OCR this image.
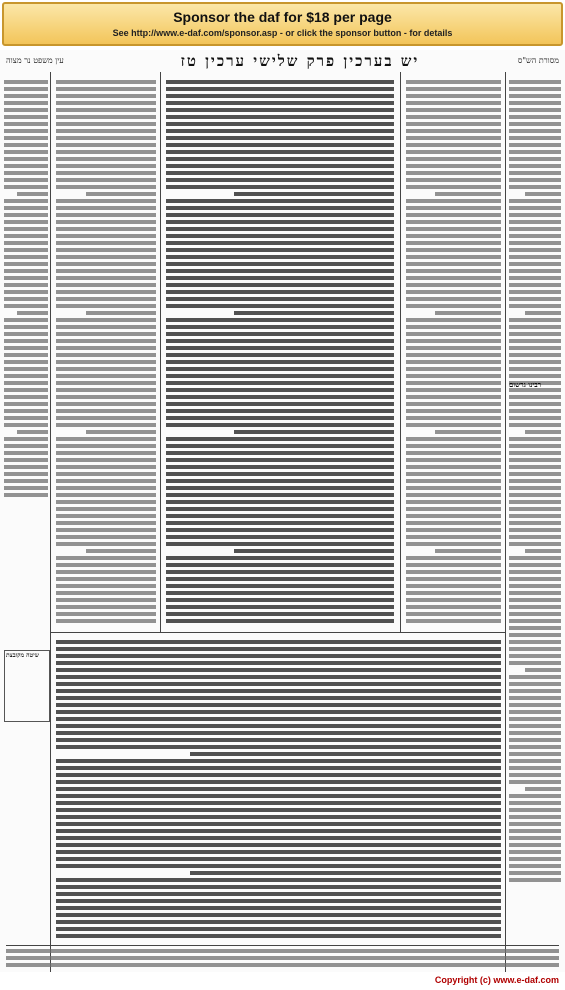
Sponsor the daf for $18 per page
See http://www.e-daf.com/sponsor.asp - or click the sponsor button - for details
עין משפט נר מצוה	יש בערכין פרק שלישי ערכין טז	מסורת הש"ס
שיטה מקובצת
רבינו גרשום
Copyright (c) www.e-daf.com
